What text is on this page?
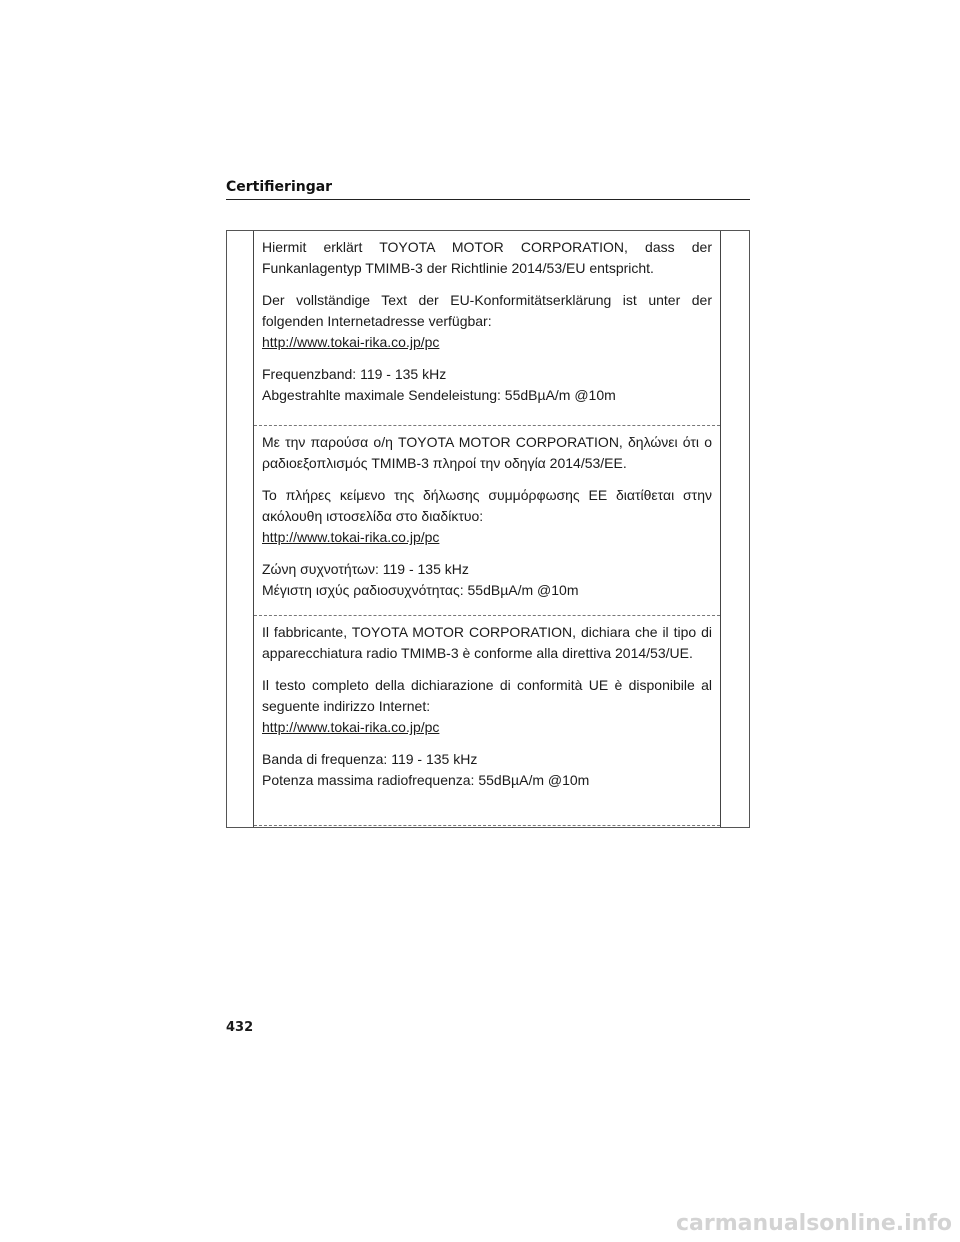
Certifieringar

Hiermit erklärt TOYOTA MOTOR CORPORATION, dass der Funkanlagentyp TMIMB-3 der Richtlinie 2014/53/EU entspricht.

Der vollständige Text der EU-Konformitätserklärung ist unter der folgenden Internetadresse verfügbar:
http://www.tokai-rika.co.jp/pc

Frequenzband: 119 - 135 kHz
Abgestrahlte maximale Sendeleistung: 55dBµA/m @10m

Με την παρούσα ο/η TOYOTA MOTOR CORPORATION, δηλώνει ότι ο ραδιοεξοπλισμός TMIMB-3 πληροί την οδηγία 2014/53/ΕΕ.

Το πλήρες κείμενο της δήλωσης συμμόρφωσης ΕΕ διατίθεται στην ακόλουθη ιστοσελίδα στο διαδίκτυο:
http://www.tokai-rika.co.jp/pc

Ζώνη συχνοτήτων: 119 - 135 kHz
Μέγιστη ισχύς ραδιοσυχνότητας: 55dBµA/m @10m

Il fabbricante, TOYOTA MOTOR CORPORATION, dichiara che il tipo di apparecchiatura radio TMIMB-3 è conforme alla direttiva 2014/53/UE.

Il testo completo della dichiarazione di conformità UE è disponibile al seguente indirizzo Internet:
http://www.tokai-rika.co.jp/pc

Banda di frequenza: 119 - 135 kHz
Potenza massima radiofrequenza: 55dBµA/m @10m

432
carmanualsonline.info
